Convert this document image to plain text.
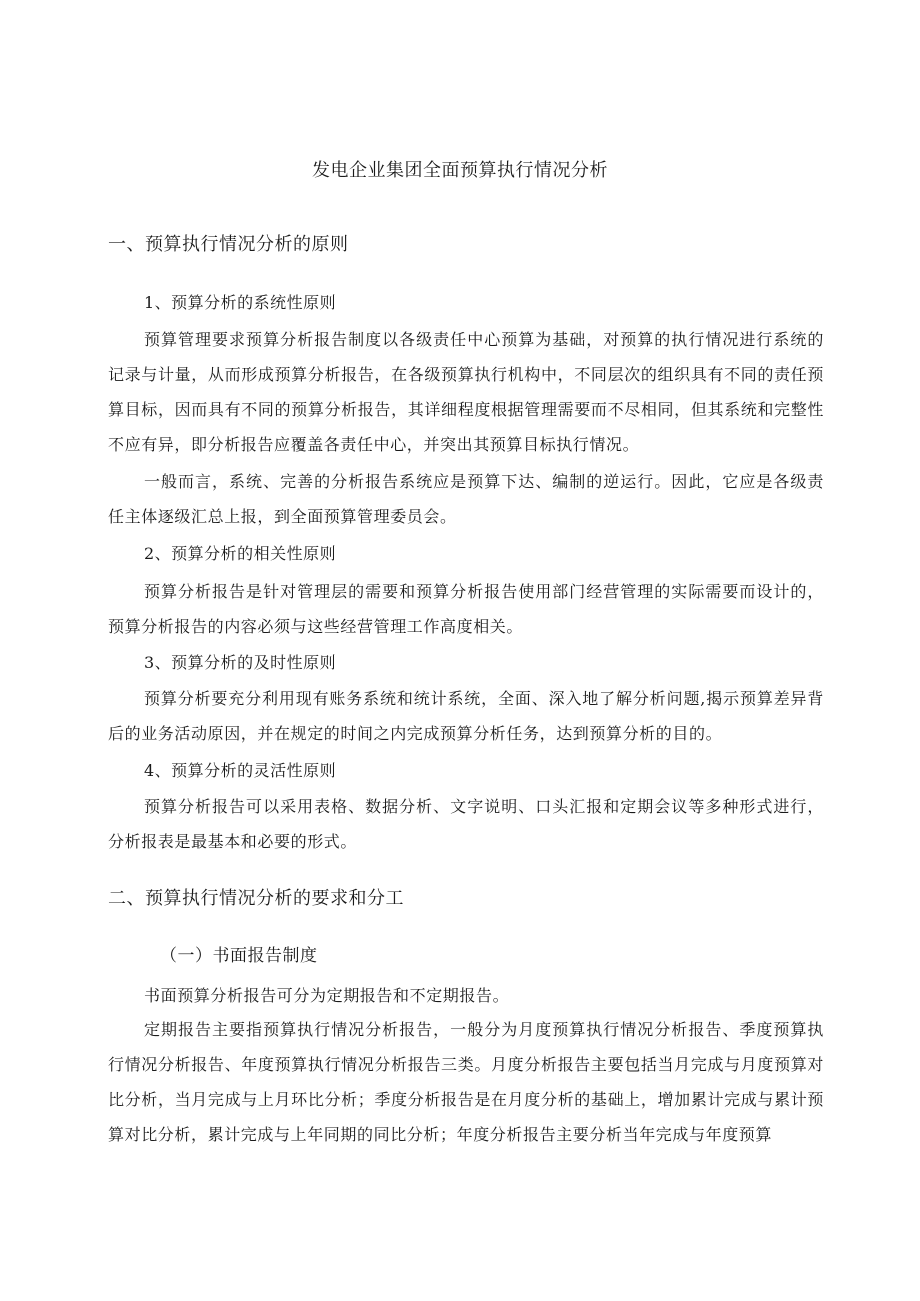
发电企业集团全面预算执行情况分析
一、预算执行情况分析的原则
1、预算分析的系统性原则

预算管理要求预算分析报告制度以各级责任中心预算为基础，对预算的执行情况进行系统的记录与计量，从而形成预算分析报告，在各级预算执行机构中，不同层次的组织具有不同的责任预算目标，因而具有不同的预算分析报告，其详细程度根据管理需要而不尽相同，但其系统和完整性不应有异，即分析报告应覆盖各责任中心，并突出其预算目标执行情况。

一般而言，系统、完善的分析报告系统应是预算下达、编制的逆运行。因此，它应是各级责任主体逐级汇总上报，到全面预算管理委员会。

2、预算分析的相关性原则

预算分析报告是针对管理层的需要和预算分析报告使用部门经营管理的实际需要而设计的，预算分析报告的内容必须与这些经营管理工作高度相关。

3、预算分析的及时性原则

预算分析要充分利用现有账务系统和统计系统，全面、深入地了解分析问题,揭示预算差异背后的业务活动原因，并在规定的时间之内完成预算分析任务，达到预算分析的目的。

4、预算分析的灵活性原则

预算分析报告可以采用表格、数据分析、文字说明、口头汇报和定期会议等多种形式进行，分析报表是最基本和必要的形式。

二、预算执行情况分析的要求和分工
（一）书面报告制度

书面预算分析报告可分为定期报告和不定期报告。

定期报告主要指预算执行情况分析报告，一般分为月度预算执行情况分析报告、季度预算执行情况分析报告、年度预算执行情况分析报告三类。月度分析报告主要包括当月完成与月度预算对比分析，当月完成与上月环比分析；季度分析报告是在月度分析的基础上，增加累计完成与累计预算对比分析，累计完成与上年同期的同比分析；年度分析报告主要分析当年完成与年度预算
